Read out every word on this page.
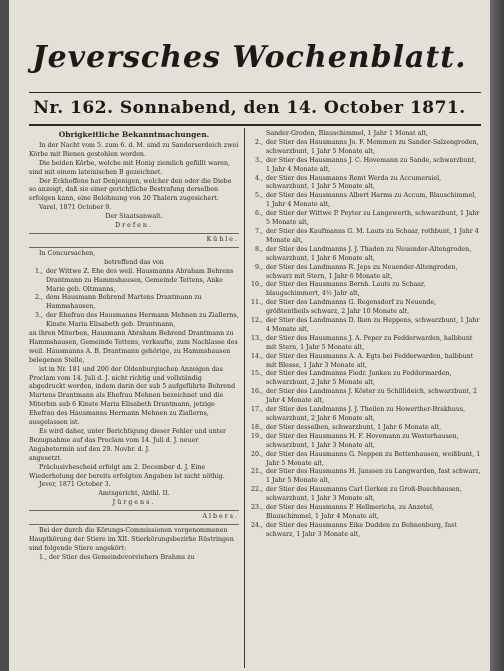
Jeversches Wochenblatt.
Nr. 162. Sonnabend, den 14. October 1871.

Obrigkeitliche Bekanntmachungen.

In der Nacht vom 5. zum 6. d. M. sind zu Sanderserdeich zwei Körbe mit Bienen gestohlen worden.

Die beiden Körbe, welche mit Honig ziemlich gefüllt waren, sind mit einem lateinischen B gezeichnet.

Der Eckhoffene hat Denjenigen, welcher den oder die Diebe so anzeigt, daß sie einer gerichtliche Bestrafung derselben erfolgen kann, eine Belohnung von 20 Thalern zugesichert.

Varel, 1871 October 9.

Der Staatsanwalt.

Drefen.

Kühle.

In Concursachen,

betreffend das von

1., der Wittwe Z. Ehe des weil. Hausmanns Abraham Behrens Drantmann zu Hammshausen, Gemeinde Tettens, Anke Marie geb. Oltmanns,
2., dem Hausmann Behrend Martens Drantmann zu Hammshausen,
3., der Ehefrau des Hausmanns Hermann Mehnen zu Ziallerns, Kinste Maria Elisabeth geb. Drantmann,

an ihren Miterben, Hausmann Abraham Behrend Drantmann zu Hammshausen, Gemeinde Tettens, verkaufte, zum Nachlasse des weil. Hausmanns A. B. Drantmann gehörige, zu Hammshausen belegenen Stelle,

ist in Nr. 181 und 200 der Oldenburgischen Anzeigen das Proclam vom 14. Juli d. J. nicht richtig und vollständig abgedruckt worden, indem darin der sub 5 aufgeführte Behrend Martens Drantmann als Ehefrau Mehnen bezeichnet und die Miterbin sub 6 Kinste Maria Elisabeth Drantmann, jetzige Ehefrau des Hausmanns Hermann Mehnen zu Ziallerns, ausgelassen ist.

Es wird daher, unter Berichtigung dieser Fehler und unter Bezugnahme auf das Proclam vom 14. Juli d. J. neuer Angabetermin auf den 29. Novbr. d. J.

angesetzt.

Präclusivbescheid erfolgt am 2. December d. J. Eine Wiederholung der bereits erfolgten Angaben ist nicht nöthig.

Jever, 1871 October 3.

Amtsgericht, Abthl. II.

Jürgens.

Albers.

Bei der durch die Körungs-Commissionen vorgenommenen Hauptkörung der Stiere im XII. Stierkörungsbezirke Rüstringen sind folgende Stiere angekört:

1., der Stier des Gemeindevorstehers Brahms zu

Sander-Groden, Blauschimmel, 1 Jahr 1 Monat alt,
2., der Stier des Hausmanns Jo. F. Memmen zu Sander-Salzengroden, schwarzbunt, 1 Jahr 5 Monate alt,
3., der Stier des Hausmanns J. C. Hovemann zu Sande, schwarzbunt, 1 Jahr 4 Monate alt,
4., der Stier des Hausmanns Remt Werda zu Accumersiel, schwarzbunt, 1 Jahr 5 Monate alt,
5., der Stier des Hausmanns Albert Harms zu Accum, Blauschimmel, 1 Jahr 4 Monate alt,
6., der Stier der Wittwe P. Peyter zu Langewerth, schwarzbunt, 1 Jahr 5 Monate alt,
7., der Stier des Kaufmanns G. M. Lauts zu Schaar, rothbunt, 1 Jahr 4 Monate alt,
8., der Stier des Landmanns J. J. Thaden zu Neuender-Altengroden, schwarzbunt, 1 Jahr 6 Monate alt,
9., der Stier des Landmanns R. Jeps zu Neuender-Altengroden, schwarz mit Stern, 1 Jahr 6 Monate alt,
10., der Stier des Hausmanns Bernh. Lauts zu Schaar, blaugschimmert, 4½ Jahr alt,
11., der Stier des Landmanns G. Regensdorf zu Neuende, größtentheils schwarz, 2 Jahr 10 Monate alt,
12., der Stier des Landmanns D. Iken zu Heppens, schwarzbunt, 1 Jahr 4 Monate alt,
13., der Stier des Hausmanns J. A. Peper zu Fedderwarden, halbbunt mit Stern, 1 Jahr 5 Monate alt,
14., der Stier des Hausmanns A. A. Egts bei Fedderwarden, halbbunt mit Blesse, 1 Jahr 3 Monate alt,
15., der Stier des Landmanns Fiedr. Junken zu Feddermarden, schwarzbunt, 2 Jahr 5 Monate alt,
16., der Stier des Landmanns J. Köster zu Schillideich, schwarzbunt, 2 Jahr 4 Monate alt,
17., der Stier des Landmanns J. J. Theilen zu Howerther-Brakhuus, schwarzbunt, 2 Jahr 6 Monate alt,
18., der Stier desselben, schwarzbunt, 1 Jahr 6 Monate alt,
19., der Stier des Hausmanns H. F. Hovemann zu Westerhausen, schwarzbunt, 1 Jahr 3 Monate alt,
20., der Stier des Hausmanns G. Neppen zu Bettenhausen, weißbunt, 1 Jahr 5 Monate alt,
21., der Stier des Hausmanns H. Janssen zu Langwarden, fast schwarz, 1 Jahr 5 Monate alt,
22., der Stier des Hausmanns Carl Gerken zu Groß-Buschhausen, schwarzbunt, 1 Jahr 3 Monate alt,
23., der Stier des Hausmanns P. Hellmerichs, zu Anzetel, Blauschimmel, 1 Jahr 4 Monate alt,
24., der Stier des Hausmanns Eike Dudden zu Bohnenburg, fast schwarz, 1 Jahr 3 Monate alt,
